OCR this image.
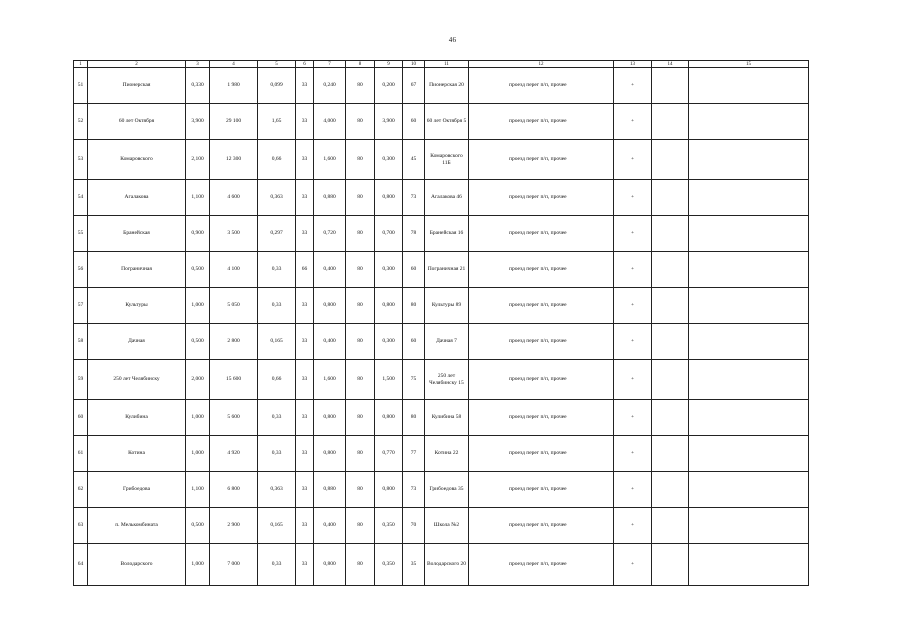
46
1	2	3	4	5	6	7	8	9	10	11	12	13	14	15
51	Пионерская	0,330	1 980	0,099	33	0,240	80	0,200	67	Пионерская 20	проезд перег п/п, прочее	+		
52	60 лет Октября	3,900	29 100	1,65	33	4,000	80	3,900	60	60 лет Октября 5	проезд перег п/п, прочее	+		
53	Комаровского	2,100	12 300	0,66	33	1,600	80	0,300	45	Комаровского 11Б	проезд перег п/п, прочее	+		
54	Агалакова	1,100	4 600	0,363	33	0,880	80	0,800	73	Агалакова 46	проезд перег п/п, прочее	+		
55	Бранейская	0,900	3 500	0,297	33	0,720	80	0,700	78	Бранейская 16	проезд перег п/п, прочее	+		
56	Пограничная	0,500	4 100	0,33	66	0,400	80	0,300	60	Пограничная 21	проезд перег п/п, прочее	+		
57	Культуры	1,000	5 050	0,33	33	0,800	80	0,800	80	Культуры 89	проезд перег п/п, прочее	+		
58	Дачная	0,500	2 800	0,165	33	0,400	80	0,300	60	Дачная 7	проезд перег п/п, прочее	+		
59	250 лет Челябинску	2,000	15 600	0,66	33	1,600	80	1,500	75	250 лет Челябинску 15	проезд перег п/п, прочее	+		
60	Кулибина	1,000	5 600	0,33	33	0,800	80	0,800	80	Кулибина 58	проезд перег п/п, прочее	+		
61	Котина	1,000	4 920	0,33	33	0,800	80	0,770	77	Котина 22	проезд перег п/п, прочее	+		
62	Грибоедова	1,100	6 800	0,363	33	0,880	80	0,800	73	Грибоедова 35	проезд перег п/п, прочее	+		
63	п. Мелькомбината	0,500	2 900	0,165	33	0,400	80	0,350	70	Школа №2	проезд перег п/п, прочее	+		
64	Володарского	1,000	7 000	0,33	33	0,800	80	0,350	35	Володарского 20	проезд перег п/п, прочее	+		
